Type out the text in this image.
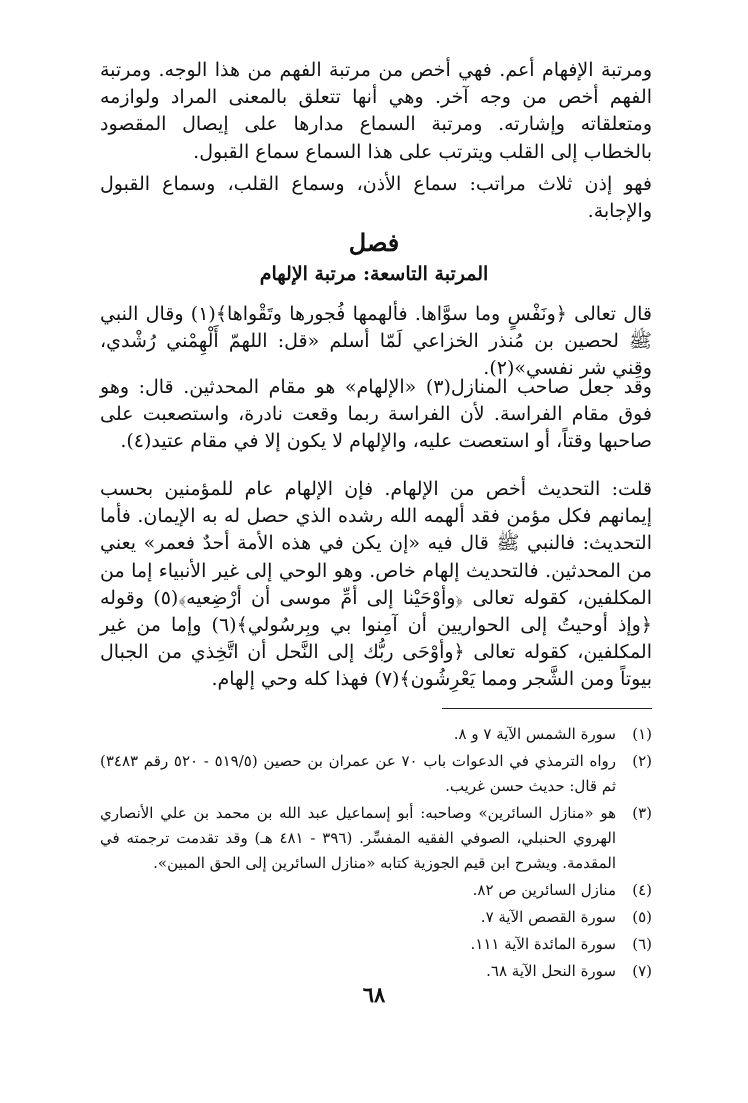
ومرتبة الإفهام أعم. فهي أخص من مرتبة الفهم من هذا الوجه. ومرتبة الفهم أخص من وجه آخر. وهي أنها تتعلق بالمعنى المراد ولوازمه ومتعلقاته وإشارته. ومرتبة السماع مدارها على إيصال المقصود بالخطاب إلى القلب ويترتب على هذا السماع سماع القبول.

فهو إذن ثلاث مراتب: سماع الأذن، وسماع القلب، وسماع القبول والإجابة.

فصل
المرتبة التاسعة: مرتبة الإلهام

قال تعالى ﴿ونَفْسٍ وما سوَّاها. فألهمها فُجورها وتَقْواها﴾(١) وقال النبي ﷺ لحصين بن مُنذر الخزاعي لَمّا أسلم «قل: اللهمّ أَلْهِمْني رُشْدي، وقِني شر نفسي»(٢).

وقد جعل صاحب المنازل(٣) «الإلهام» هو مقام المحدثين. قال: وهو فوق مقام الفراسة. لأن الفراسة ربما وقعت نادرة، واستصعبت على صاحبها وقتاً، أو استعصت عليه، والإلهام لا يكون إلا في مقام عتيد(٤).

قلت: التحديث أخص من الإلهام. فإن الإلهام عام للمؤمنين بحسب إيمانهم فكل مؤمن فقد ألهمه الله رشده الذي حصل له به الإيمان. فأما التحديث: فالنبي ﷺ قال فيه «إن يكن في هذه الأمة أحدٌ فعمر» يعني من المحدثين. فالتحديث إلهام خاص. وهو الوحي إلى غير الأنبياء إما من المكلفين، كقوله تعالى ﴿وأوْحَيْنا إلى أمِّ موسى أن أرْضِعيه﴾(٥) وقوله ﴿وإذ أوحيتُ إلى الحواريين أن آمِنوا بي وبِرسُولي﴾(٦) وإما من غير المكلفين، كقوله تعالى ﴿وأوْحَى ربُّك إلى النَّحل أن اتَّخِذي من الجبال بيوتاً ومن الشَّجر ومما يَعْرِشُون﴾(٧) فهذا كله وحي إلهام.

(١)
سورة الشمس الآية ٧ و ٨.
(٢)
رواه الترمذي في الدعوات باب ٧٠ عن عمران بن حصين (٥١٩/٥ - ٥٢٠ رقم ٣٤٨٣) ثم قال: حديث حسن غريب.
(٣)
هو «منازل السائرين» وصاحبه: أبو إسماعيل عبد الله بن محمد بن علي الأنصاري الهروي الحنبلي، الصوفي الفقيه المفسِّر. (٣٩٦ - ٤٨١ هـ) وقد تقدمت ترجمته في المقدمة. ويشرح ابن قيم الجوزية كتابه «منازل السائرين إلى الحق المبين».
(٤)
منازل السائرين ص ٨٢.
(٥)
سورة القصص الآية ٧.
(٦)
سورة المائدة الآية ١١١.
(٧)
سورة النحل الآية ٦٨.
٦٨
